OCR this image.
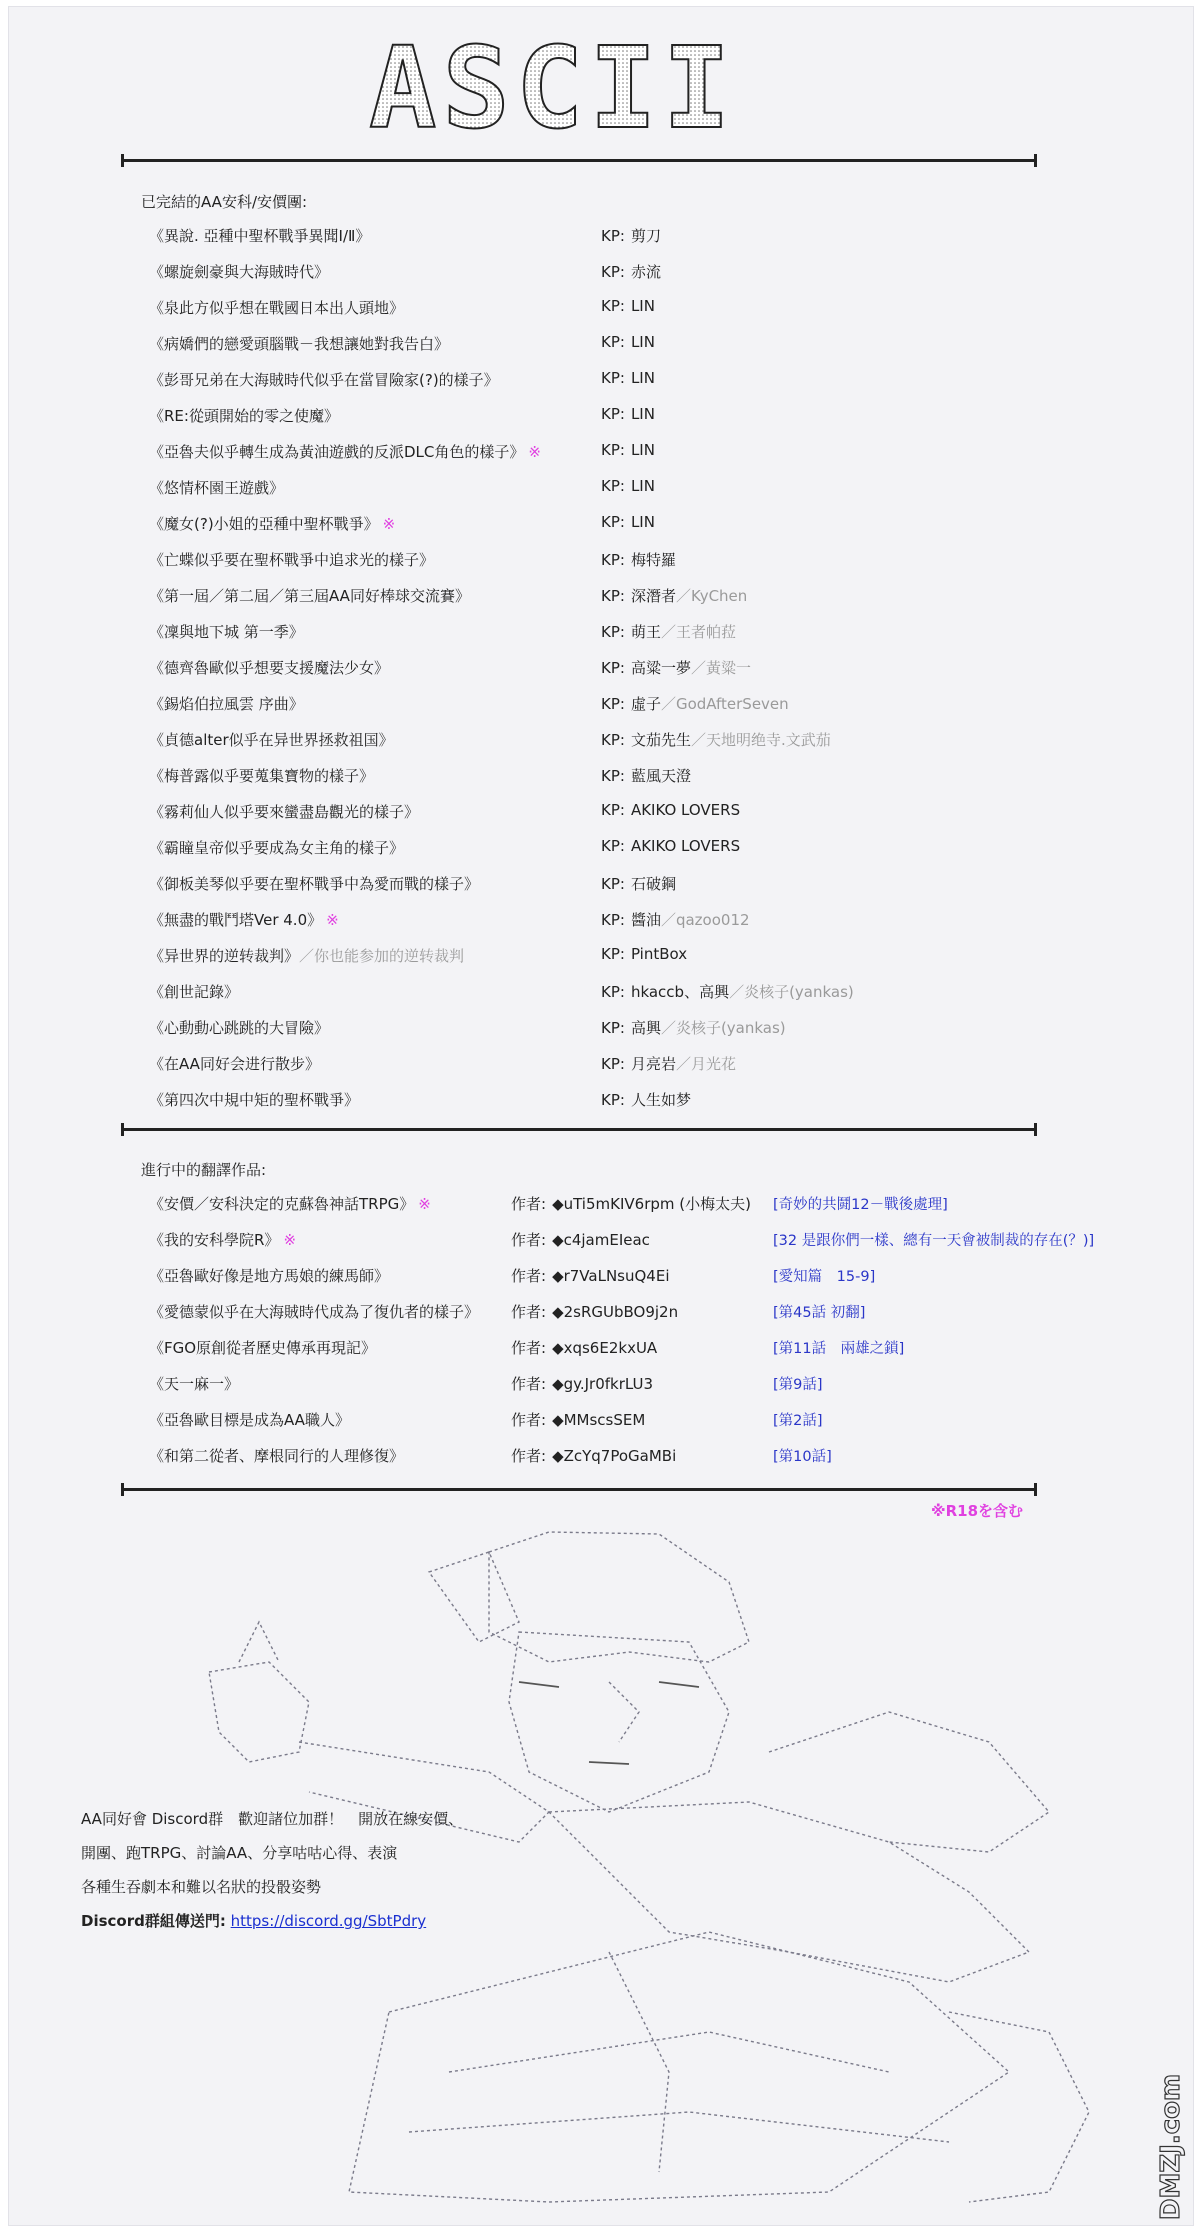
ASCII
已完結的AA安科/安價團:
《異說. 亞種中聖杯戰爭異聞Ⅰ/Ⅱ》	KP: 剪刀
《螺旋劍豪與大海賊時代》	KP: 赤流
《泉此方似乎想在戰國日本出人頭地》	KP: LIN
《病嬌們的戀愛頭腦戰－我想讓她對我告白》	KP: LIN
《彭哥兄弟在大海賊時代似乎在當冒險家(?)的樣子》	KP: LIN
《RE:從頭開始的零之使魔》	KP: LIN
《亞魯夫似乎轉生成為黃油遊戲的反派DLC角色的樣子》 ※	KP: LIN
《悠情杯園王遊戲》	KP: LIN
《魔女(?)小姐的亞種中聖杯戰爭》 ※	KP: LIN
《亡蝶似乎要在聖杯戰爭中追求光的樣子》	KP: 梅特羅
《第一屆／第二屆／第三屆AA同好棒球交流賽》	KP: 深潛者／KyChen
《凜與地下城 第一季》	KP: 萌王／王者帕菈
《德齊魯歐似乎想要支援魔法少女》	KP: 高粱一夢／黃粱一
《錫焰伯拉風雲 序曲》	KP: 虛子／GodAfterSeven
《貞德alter似乎在异世界拯救祖国》	KP: 文茄先生／天地明绝寺.文武茄
《梅普露似乎要蒐集寶物的樣子》	KP: 藍風天澄
《霧莉仙人似乎要來蠻盡島觀光的樣子》	KP: AKIKO LOVERS
《霸瞳皇帝似乎要成為女主角的樣子》	KP: AKIKO LOVERS
《御板美琴似乎要在聖杯戰爭中為愛而戰的樣子》	KP: 石破鋼
《無盡的戰鬥塔Ver 4.0》 ※	KP: 醬油／qazoo012
《异世界的逆转裁判》／你也能参加的逆转裁判	KP: PintBox
《創世記錄》	KP: hkaccb、高興／炎核子(yankas)
《心動動心跳跳的大冒險》	KP: 高興／炎核子(yankas)
《在AA同好会进行散步》	KP: 月亮岩／月光花
《第四次中規中矩的聖杯戰爭》	KP: 人生如梦
進行中的翻譯作品:
《安價／安科決定的克蘇魯神話TRPG》 ※	作者: ◆uTi5mKIV6rpm (小梅太夫) [奇妙的共鬪12－戰後處理]
《我的安科學院R》 ※	作者: ◆c4jamEIeac	[32 是跟你們一樣、總有一天會被制裁的存在(？)]
《亞魯歐好像是地方馬娘的練馬師》	作者: ◆r7VaLNsuQ4Ei	[愛知篇　15-9]
《愛德蒙似乎在大海賊時代成為了復仇者的樣子》 作者: ◆2sRGUbBO9j2n	[第45話 初翻]
《FGO原創從者歷史傳承再現記》	作者: ◆xqs6E2kxUA	[第11話　兩雄之鎖]
《天一麻一》	作者: ◆gy.Jr0fkrLU3	[第9話]
《亞魯歐目標是成為AA職人》	作者: ◆MMscsSEM	[第2話]
《和第二從者、摩根同行的人理修復》	作者: ◆ZcYq7PoGaMBi	[第10話]
※R18を含む
AA同好會 Discord群　歡迎諸位加群！　開放在線安價、
開團、跑TRPG、討論AA、分享咕咕心得、表演
各種生吞劇本和難以名狀的投骰姿勢
Discord群組傳送門: https://discord.gg/SbtPdry
DMZJ.com
